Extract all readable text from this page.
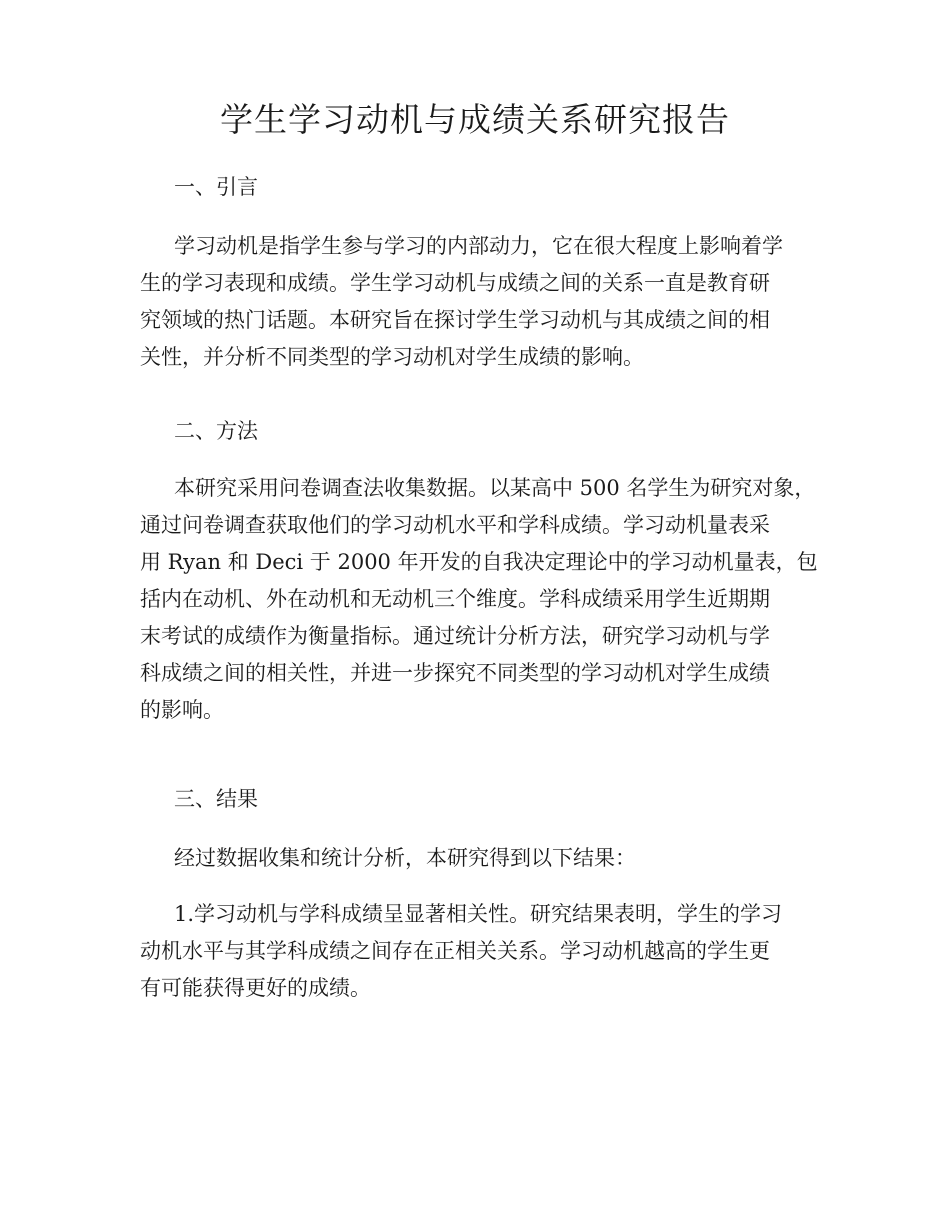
学生学习动机与成绩关系研究报告
一、引言

学习动机是指学生参与学习的内部动力，它在很大程度上影响着学
生的学习表现和成绩。学生学习动机与成绩之间的关系一直是教育研
究领域的热门话题。本研究旨在探讨学生学习动机与其成绩之间的相
关性，并分析不同类型的学习动机对学生成绩的影响。

二、方法

本研究采用问卷调查法收集数据。以某高中 500 名学生为研究对象，
通过问卷调查获取他们的学习动机水平和学科成绩。学习动机量表采
用 Ryan 和 Deci 于 2000 年开发的自我决定理论中的学习动机量表，包
括内在动机、外在动机和无动机三个维度。学科成绩采用学生近期期
末考试的成绩作为衡量指标。通过统计分析方法，研究学习动机与学
科成绩之间的相关性，并进一步探究不同类型的学习动机对学生成绩
的影响。

三、结果

经过数据收集和统计分析，本研究得到以下结果：

1.学习动机与学科成绩呈显著相关性。研究结果表明，学生的学习
动机水平与其学科成绩之间存在正相关关系。学习动机越高的学生更
有可能获得更好的成绩。
